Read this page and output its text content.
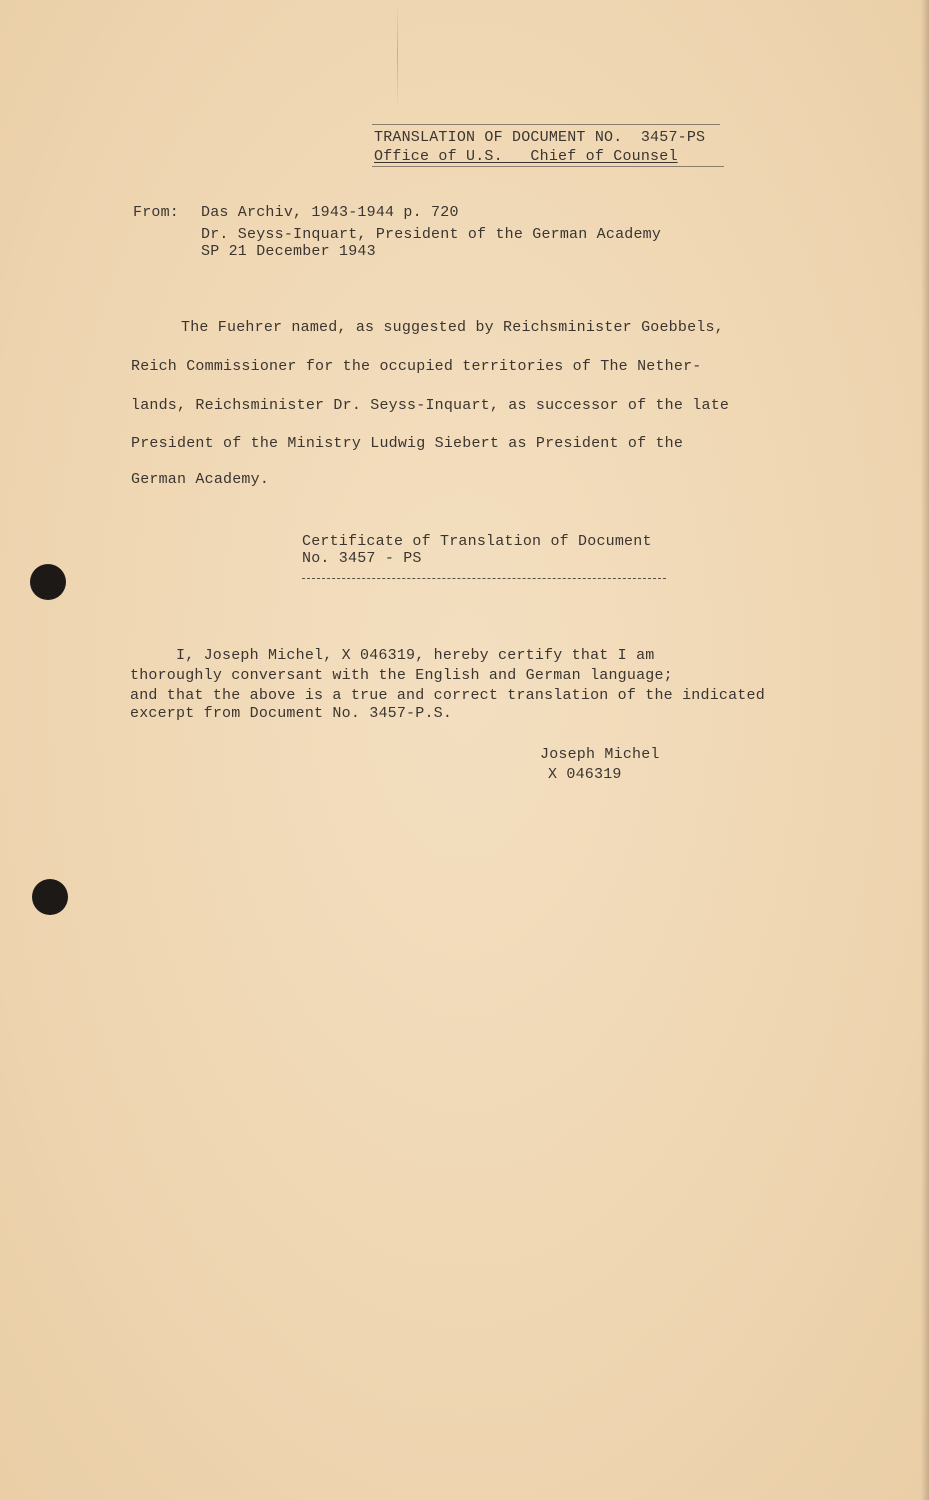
TRANSLATION OF DOCUMENT NO.  3457-PS
Office of U.S.   Chief of Counsel
From: Das Archiv, 1943-1944 p. 720
Dr. Seyss-Inquart, President of the German Academy
SP 21 December 1943
The Fuehrer named, as suggested by Reichsminister Goebbels,
Reich Commissioner for the occupied territories of The Nether-
lands, Reichsminister Dr. Seyss-Inquart, as successor of the late
President of the Ministry Ludwig Siebert as President of the
German Academy.
Certificate of Translation of Document
No. 3457 - PS
I, Joseph Michel, X 046319, hereby certify that I am
thoroughly conversant with the English and German language;
and that the above is a true and correct translation of the indicated
excerpt from Document No. 3457-P.S.
Joseph Michel
X 046319
